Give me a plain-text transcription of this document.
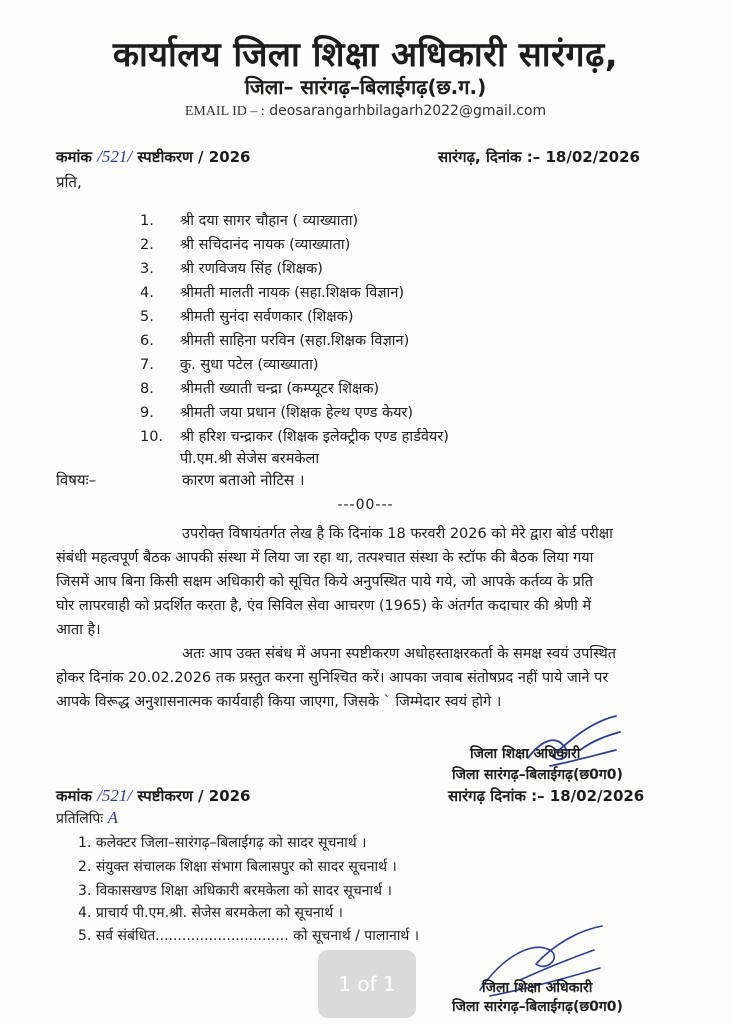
कार्यालय जिला शिक्षा अधिकारी सारंगढ़,
जिला– सारंगढ़–बिलाईगढ़(छ.ग.)
EMAIL ID – : deosarangarhbilagarh2022@gmail.com
कमांक /521/ स्पष्टीकरण / 2026	सारंगढ़, दिनांक :– 18/02/2026
प्रति,
1. श्री दया सागर चौहान ( व्याख्याता)
2. श्री सचिदानंद नायक (व्याख्याता)
3. श्री रणविजय सिंह (शिक्षक)
4. श्रीमती मालती नायक (सहा.शिक्षक विज्ञान)
5. श्रीमती सुनंदा सर्वणकार (शिक्षक)
6. श्रीमती साहिना परविन (सहा.शिक्षक विज्ञान)
7. कु. सुधा पटेल (व्याख्याता)
8. श्रीमती ख्याती चन्द्रा (कम्प्यूटर शिक्षक)
9. श्रीमती जया प्रधान (शिक्षक हेल्थ एण्ड केयर)
10. श्री हरिश चन्द्राकर (शिक्षक इलेक्ट्रीक एण्ड हार्डवेयर)
पी.एम.श्री सेजेस बरमकेला
विषयः–	कारण बताओ नोटिस ।
---00---
उपरोक्त विषायंतर्गत लेख है कि दिनांक 18 फरवरी 2026 को मेरे द्वारा बोर्ड परीक्षा
संबंधी महत्वपूर्ण बैठक आपकी संस्था में लिया जा रहा था, तत्पश्चात संस्था के स्टॉफ की बैठक लिया गया
जिसमें आप बिना किसी सक्षम अधिकारी को सूचित किये अनुपस्थित पाये गये, जो आपके कर्तव्य के प्रति
घोर लापरवाही को प्रदर्शित करता है, एंव सिविल सेवा आचरण (1965) के अंतर्गत कदाचार की श्रेणी में
आता है।
अतः आप उक्त संबंध में अपना स्पष्टीकरण अधोहस्ताक्षरकर्ता के समक्ष स्वयं उपस्थित
होकर दिनांक 20.02.2026 तक प्रस्तुत करना सुनिश्चित करें। आपका जवाब संतोषप्रद नहीं पाये जाने पर
आपके विरूद्ध अनुशासनात्मक कार्यवाही किया जाएगा, जिसके ` जिम्मेदार स्वयं होगे ।
जिला शिक्षा अधिकारी
जिला सारंगढ़–बिलाईगढ़(छ0ग0)
कमांक /521/ स्पष्टीकरण / 2026	सारंगढ़ दिनांक :– 18/02/2026
प्रतिलिपिः A
1. कलेक्टर जिला–सारंगढ़–बिलाईगढ़ को सादर सूचनार्थ ।
2. संयुक्त संचालक शिक्षा संभाग बिलासपुर को सादर सूचनार्थ ।
3. विकासखण्ड शिक्षा अधिकारी बरमकेला को सादर सूचनार्थ ।
4. प्राचार्य पी.एम.श्री. सेजेस बरमकेला को सूचनार्थ ।
5. सर्व संबंधित.............................. को सूचनार्थ / पालानार्थ ।
जिला शिक्षा अधिकारी
जिला सारंगढ़–बिलाईगढ़(छ0ग0)
1 of 1
